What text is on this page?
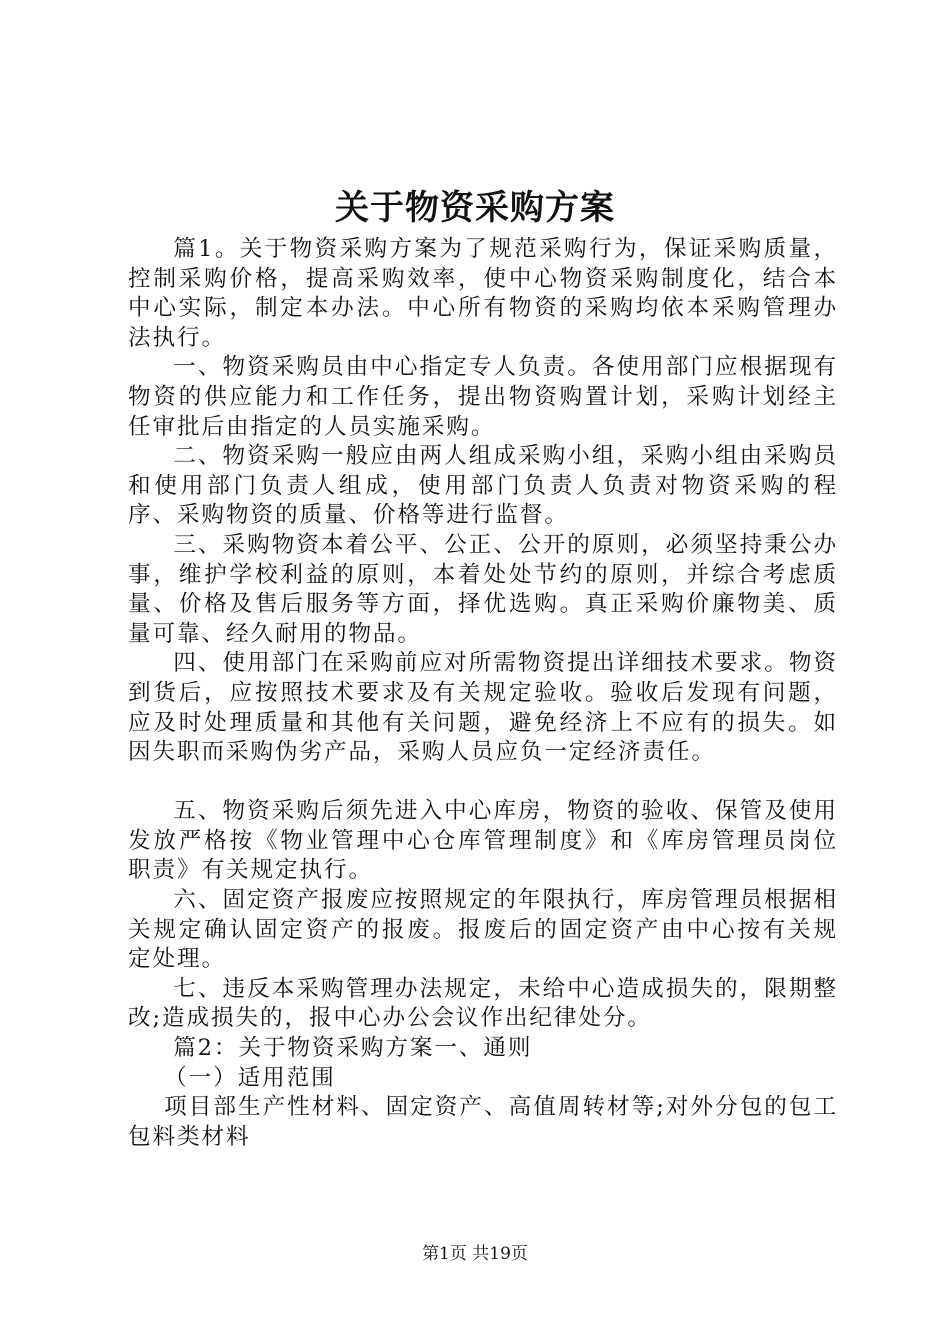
关于物资采购方案

篇1。关于物资采购方案为了规范采购行为，保证采购质量，控制采购价格，提高采购效率，使中心物资采购制度化，结合本中心实际，制定本办法。中心所有物资的采购均依本采购管理办法执行。

一、物资采购员由中心指定专人负责。各使用部门应根据现有物资的供应能力和工作任务，提出物资购置计划，采购计划经主任审批后由指定的人员实施采购。

二、物资采购一般应由两人组成采购小组，采购小组由采购员和使用部门负责人组成，使用部门负责人负责对物资采购的程序、采购物资的质量、价格等进行监督。

三、采购物资本着公平、公正、公开的原则，必须坚持秉公办事，维护学校利益的原则，本着处处节约的原则，并综合考虑质量、价格及售后服务等方面，择优选购。真正采购价廉物美、质量可靠、经久耐用的物品。

四、使用部门在采购前应对所需物资提出详细技术要求。物资到货后，应按照技术要求及有关规定验收。验收后发现有问题，应及时处理质量和其他有关问题，避免经济上不应有的损失。如因失职而采购伪劣产品，采购人员应负一定经济责任。

五、物资采购后须先进入中心库房，物资的验收、保管及使用发放严格按《物业管理中心仓库管理制度》和《库房管理员岗位职责》有关规定执行。

六、固定资产报废应按照规定的年限执行，库房管理员根据相关规定确认固定资产的报废。报废后的固定资产由中心按有关规定处理。

七、违反本采购管理办法规定，未给中心造成损失的，限期整改;造成损失的，报中心办公会议作出纪律处分。

篇2：关于物资采购方案一、通则

（一）适用范围

项目部生产性材料、固定资产、高值周转材等;对外分包的包工包料类材料

第1页 共19页
